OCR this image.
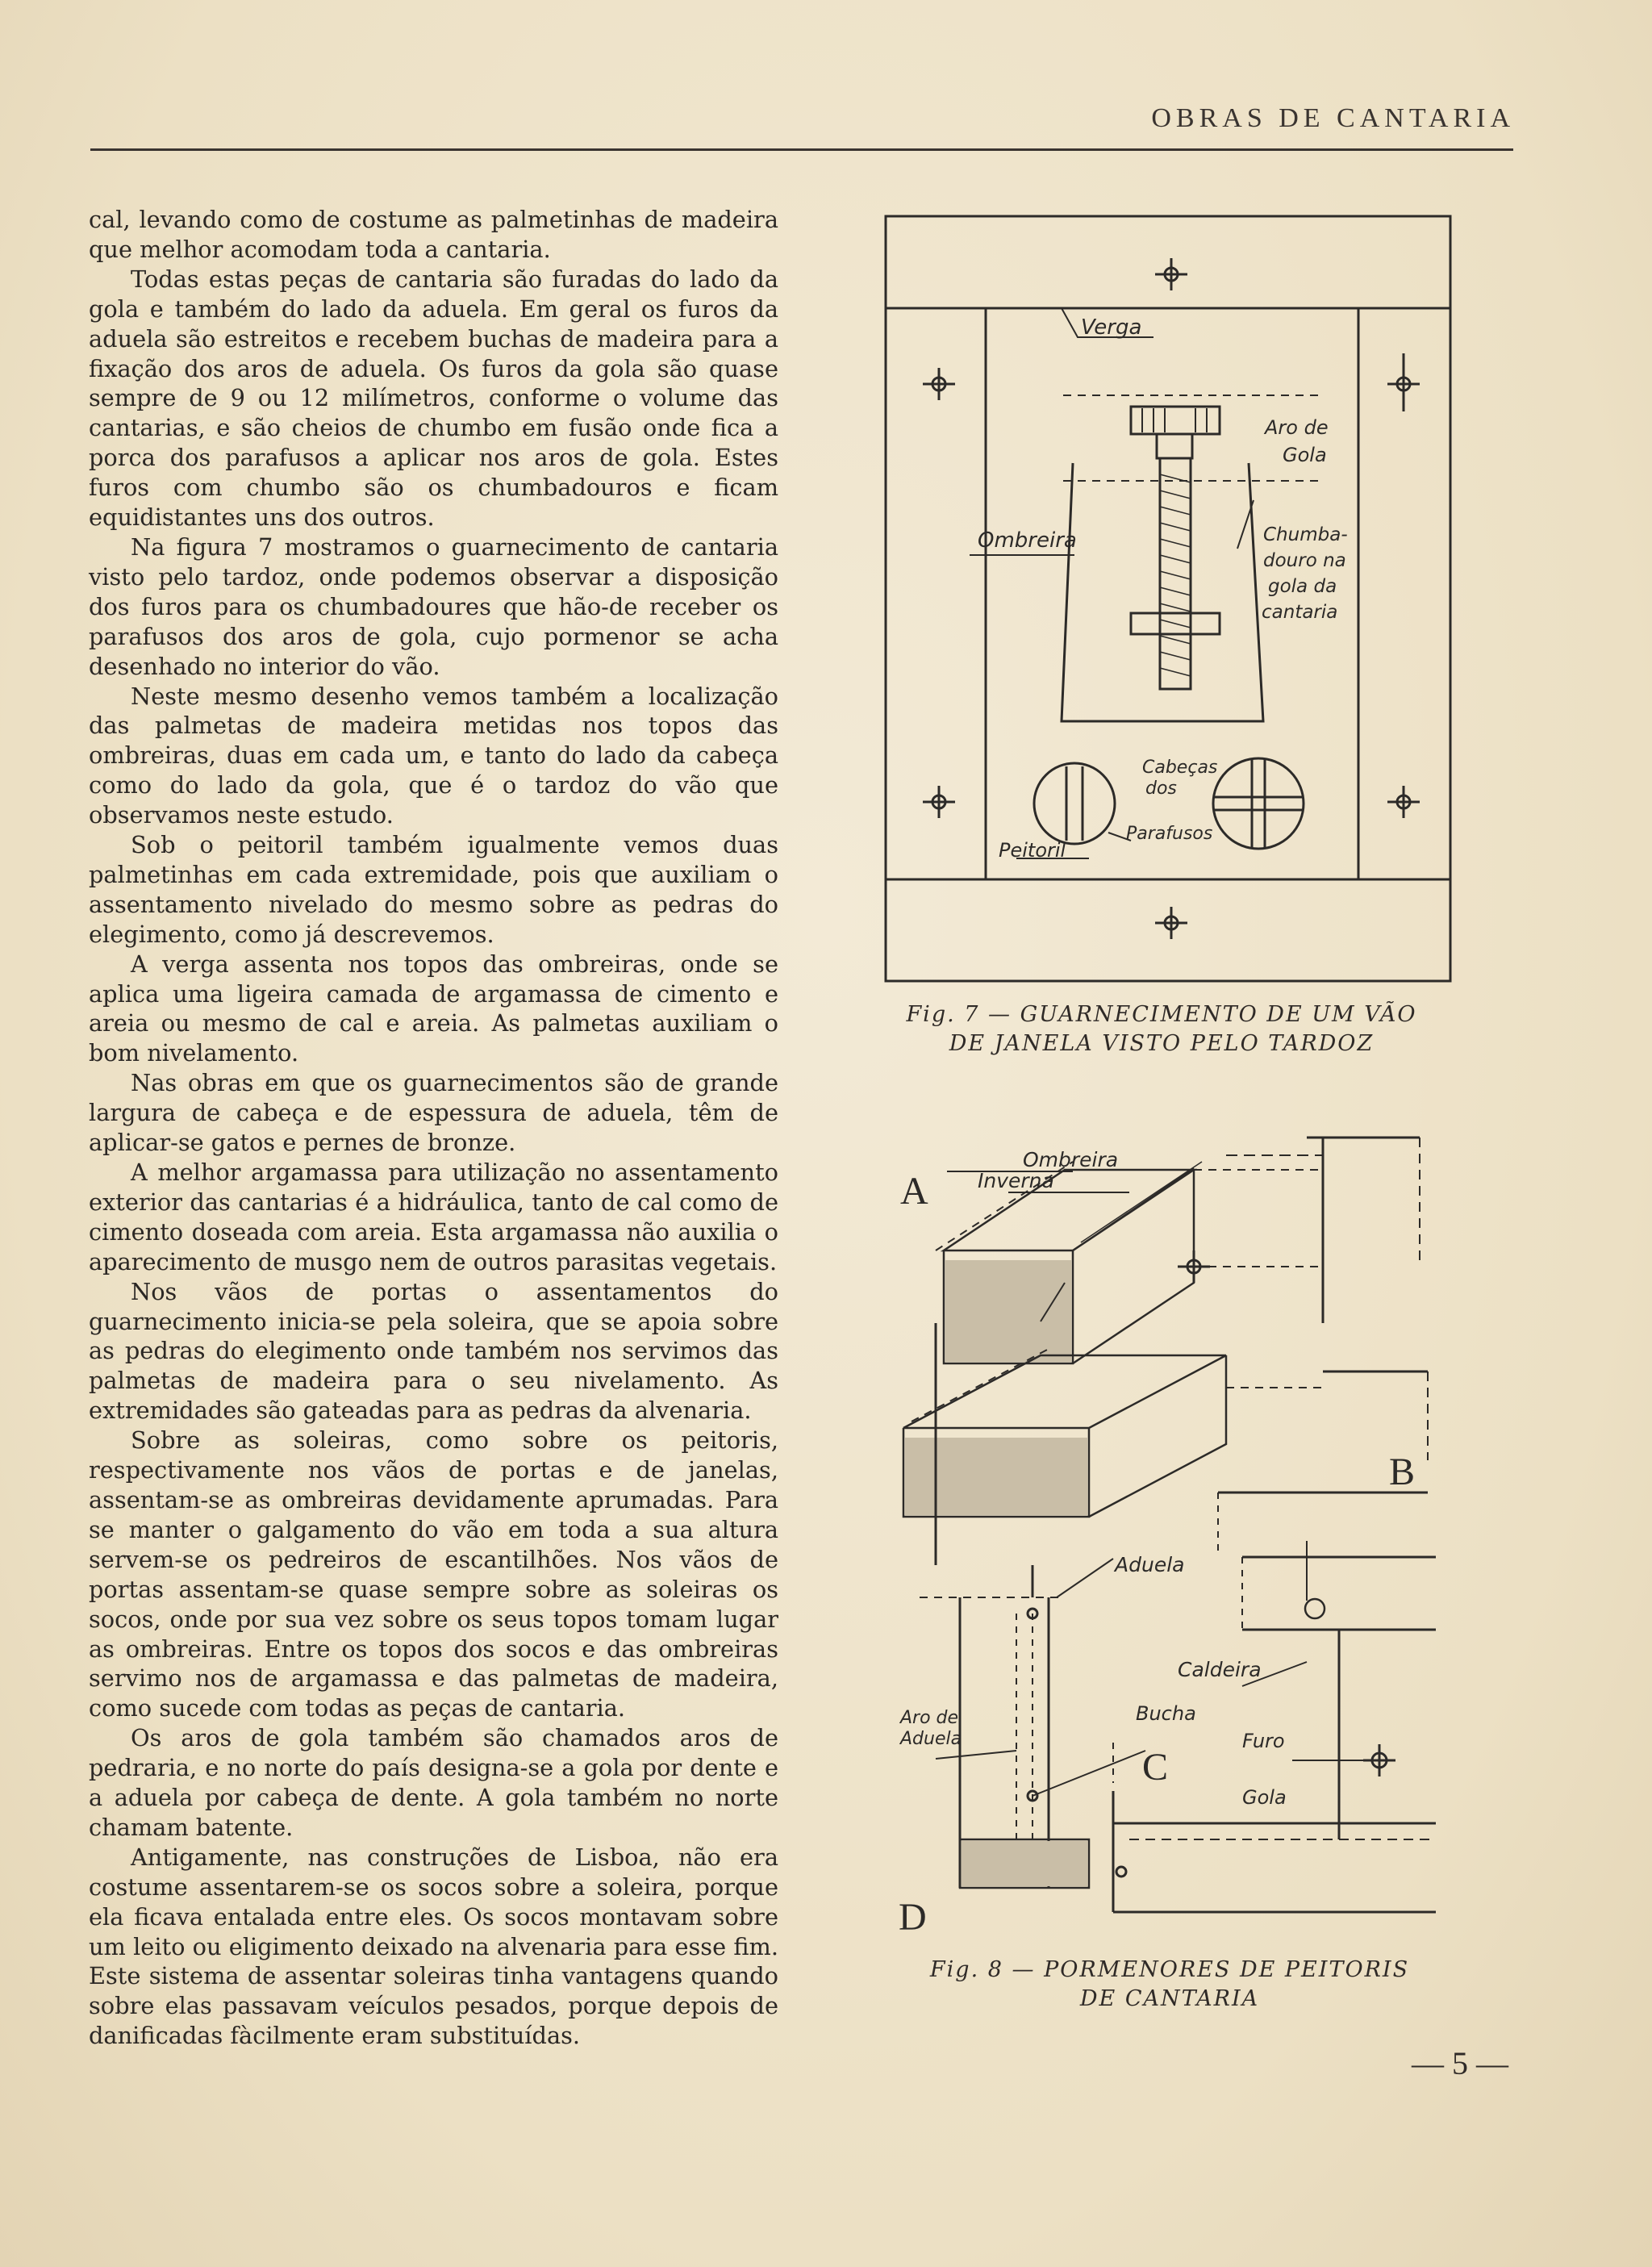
OBRAS DE CANTARIA

cal, levando como de costume as palmetinhas de madeira que melhor acomodam toda a cantaria.

Todas estas peças de cantaria são furadas do lado da gola e também do lado da aduela. Em geral os furos da aduela são estreitos e recebem buchas de madeira para a fixação dos aros de aduela. Os furos da gola são quase sempre de 9 ou 12 milímetros, conforme o volume das cantarias, e são cheios de chumbo em fusão onde fica a porca dos parafusos a aplicar nos aros de gola. Estes furos com chumbo são os chumbadouros e ficam equidistantes uns dos outros.

Na figura 7 mostramos o guarnecimento de cantaria visto pelo tardoz, onde podemos observar a disposição dos furos para os chumbadoures que hão-de receber os parafusos dos aros de gola, cujo pormenor se acha desenhado no interior do vão.

Neste mesmo desenho vemos também a localização das palmetas de madeira metidas nos topos das ombreiras, duas em cada um, e tanto do lado da cabeça como do lado da gola, que é o tardoz do vão que observamos neste estudo.

Sob o peitoril também igualmente vemos duas palmetinhas em cada extremidade, pois que auxiliam o assentamento nivelado do mesmo sobre as pedras do elegimento, como já descrevemos.

A verga assenta nos topos das ombreiras, onde se aplica uma ligeira camada de argamassa de cimento e areia ou mesmo de cal e areia. As palmetas auxiliam o bom nivelamento.

Nas obras em que os guarnecimentos são de grande largura de cabeça e de espessura de aduela, têm de aplicar-se gatos e pernes de bronze.

A melhor argamassa para utilização no assentamento exterior das cantarias é a hidráulica, tanto de cal como de cimento doseada com areia. Esta argamassa não auxilia o aparecimento de musgo nem de outros parasitas vegetais.

Nos vãos de portas o assentamentos do guarnecimento inicia-se pela soleira, que se apoia sobre as pedras do elegimento onde também nos servimos das palmetas de madeira para o seu nivelamento. As extremidades são gateadas para as pedras da alvenaria.

Sobre as soleiras, como sobre os peitoris, respectivamente nos vãos de portas e de janelas, assentam-se as ombreiras devidamente aprumadas. Para se manter o galgamento do vão em toda a sua altura servem-se os pedreiros de escantilhões. Nos vãos de portas assentam-se quase sempre sobre as soleiras os socos, onde por sua vez sobre os seus topos tomam lugar as ombreiras. Entre os topos dos socos e das ombreiras servimo nos de argamassa e das palmetas de madeira, como sucede com todas as peças de cantaria.

Os aros de gola também são chamados aros de pedraria, e no norte do país designa-se a gola por dente e a aduela por cabeça de dente. A gola também no norte chamam batente.

Antigamente, nas construções de Lisboa, não era costume assentarem-se os socos sobre a soleira, porque ela ficava entalada entre eles. Os socos montavam sobre um leito ou eligimento deixado na alvenaria para esse fim. Este sistema de assentar soleiras tinha vantagens quando sobre elas passavam veículos pesados, porque depois de danificadas fàcilmente eram substituídas.

Verga
Aro de
Gola
Ombreira	Chumba-
douro na
gola da
cantaria
Cabeças
dos
Parafusos
Peitoril
Fig. 7 — GUARNECIMENTO DE UM VÃO
DE JANELA VISTO PELO TARDOZ
Ombreira
Inverna
A
B
Aduela
Caldeira
Aro de
Aduela
Bucha
C
Furo
Gola
D
Fig. 8 — PORMENORES DE PEITORIS
DE CANTARIA
— 5 —
